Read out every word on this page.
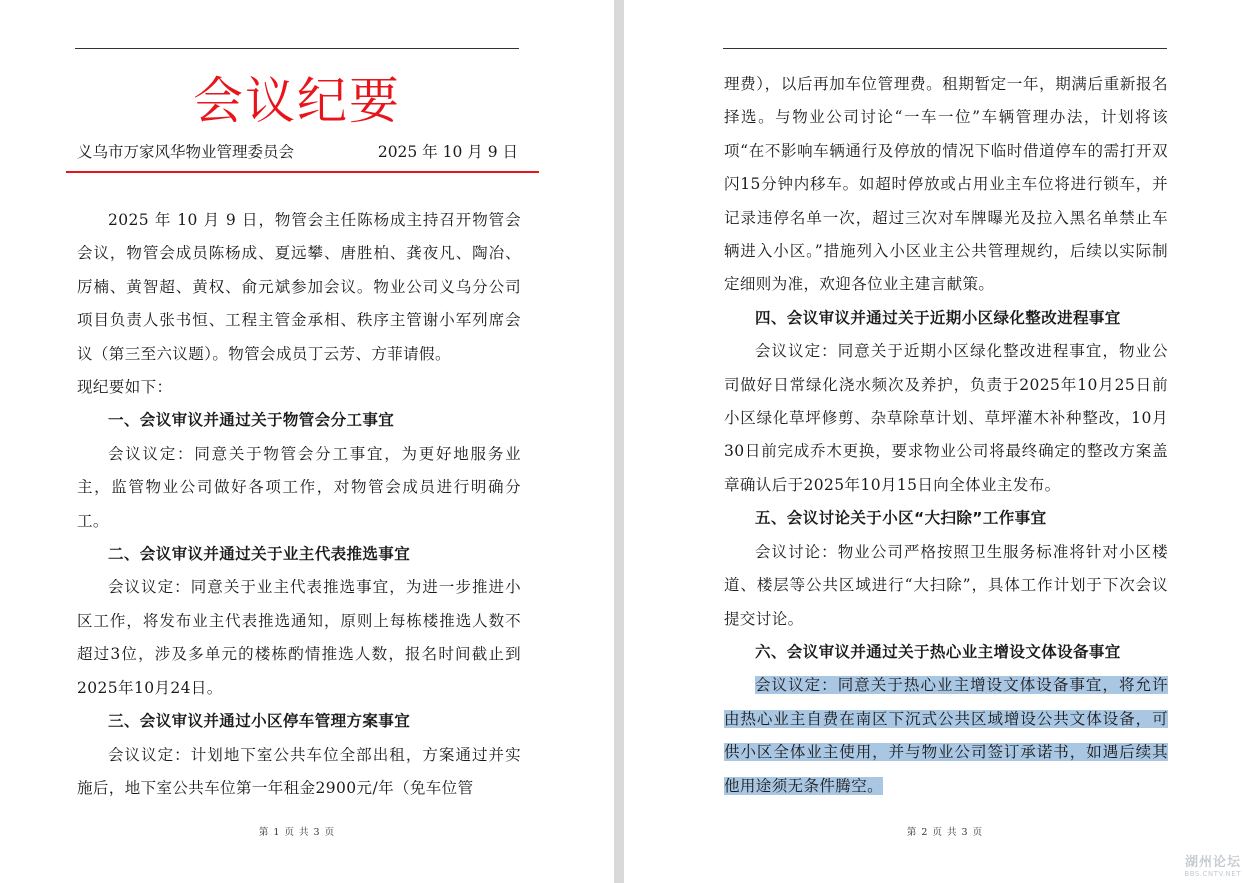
会议纪要
义乌市万家风华物业管理委员会	2025 年 10 月 9 日

2025 年 10 月 9 日，物管会主任陈杨成主持召开物管会会议，物管会成员陈杨成、夏远攀、唐胜柏、龚夜凡、陶冶、厉楠、黄智超、黄权、俞元斌参加会议。物业公司义乌分公司项目负责人张书恒、工程主管金承相、秩序主管谢小军列席会议（第三至六议题）。物管会成员丁云芳、方菲请假。

现纪要如下：

一、会议审议并通过关于物管会分工事宜

会议议定：同意关于物管会分工事宜，为更好地服务业主，监管物业公司做好各项工作，对物管会成员进行明确分工。

二、会议审议并通过关于业主代表推选事宜

会议议定：同意关于业主代表推选事宜，为进一步推进小区工作，将发布业主代表推选通知，原则上每栋楼推选人数不超过3位，涉及多单元的楼栋酌情推选人数，报名时间截止到2025年10月24日。

三、会议审议并通过小区停车管理方案事宜

会议议定：计划地下室公共车位全部出租，方案通过并实施后，地下室公共车位第一年租金2900元/年（免车位管

第 1 页 共 3 页

理费），以后再加车位管理费。租期暂定一年，期满后重新报名择选。与物业公司讨论“一车一位”车辆管理办法，计划将该项“在不影响车辆通行及停放的情况下临时借道停车的需打开双闪15分钟内移车。如超时停放或占用业主车位将进行锁车，并记录违停名单一次，超过三次对车牌曝光及拉入黑名单禁止车辆进入小区。”措施列入小区业主公共管理规约，后续以实际制定细则为准，欢迎各位业主建言献策。

四、会议审议并通过关于近期小区绿化整改进程事宜

会议议定：同意关于近期小区绿化整改进程事宜，物业公司做好日常绿化浇水频次及养护，负责于2025年10月25日前小区绿化草坪修剪、杂草除草计划、草坪灌木补种整改，10月30日前完成乔木更换，要求物业公司将最终确定的整改方案盖章确认后于2025年10月15日向全体业主发布。

五、会议讨论关于小区“大扫除”工作事宜

会议讨论：物业公司严格按照卫生服务标准将针对小区楼道、楼层等公共区域进行“大扫除”，具体工作计划于下次会议提交讨论。

六、会议审议并通过关于热心业主增设文体设备事宜

会议议定：同意关于热心业主增设文体设备事宜，将允许由热心业主自费在南区下沉式公共区域增设公共文体设备，可供小区全体业主使用，并与物业公司签订承诺书，如遇后续其他用途须无条件腾空。

第 2 页 共 3 页
湖州论坛
BBS.CNTV.NET
